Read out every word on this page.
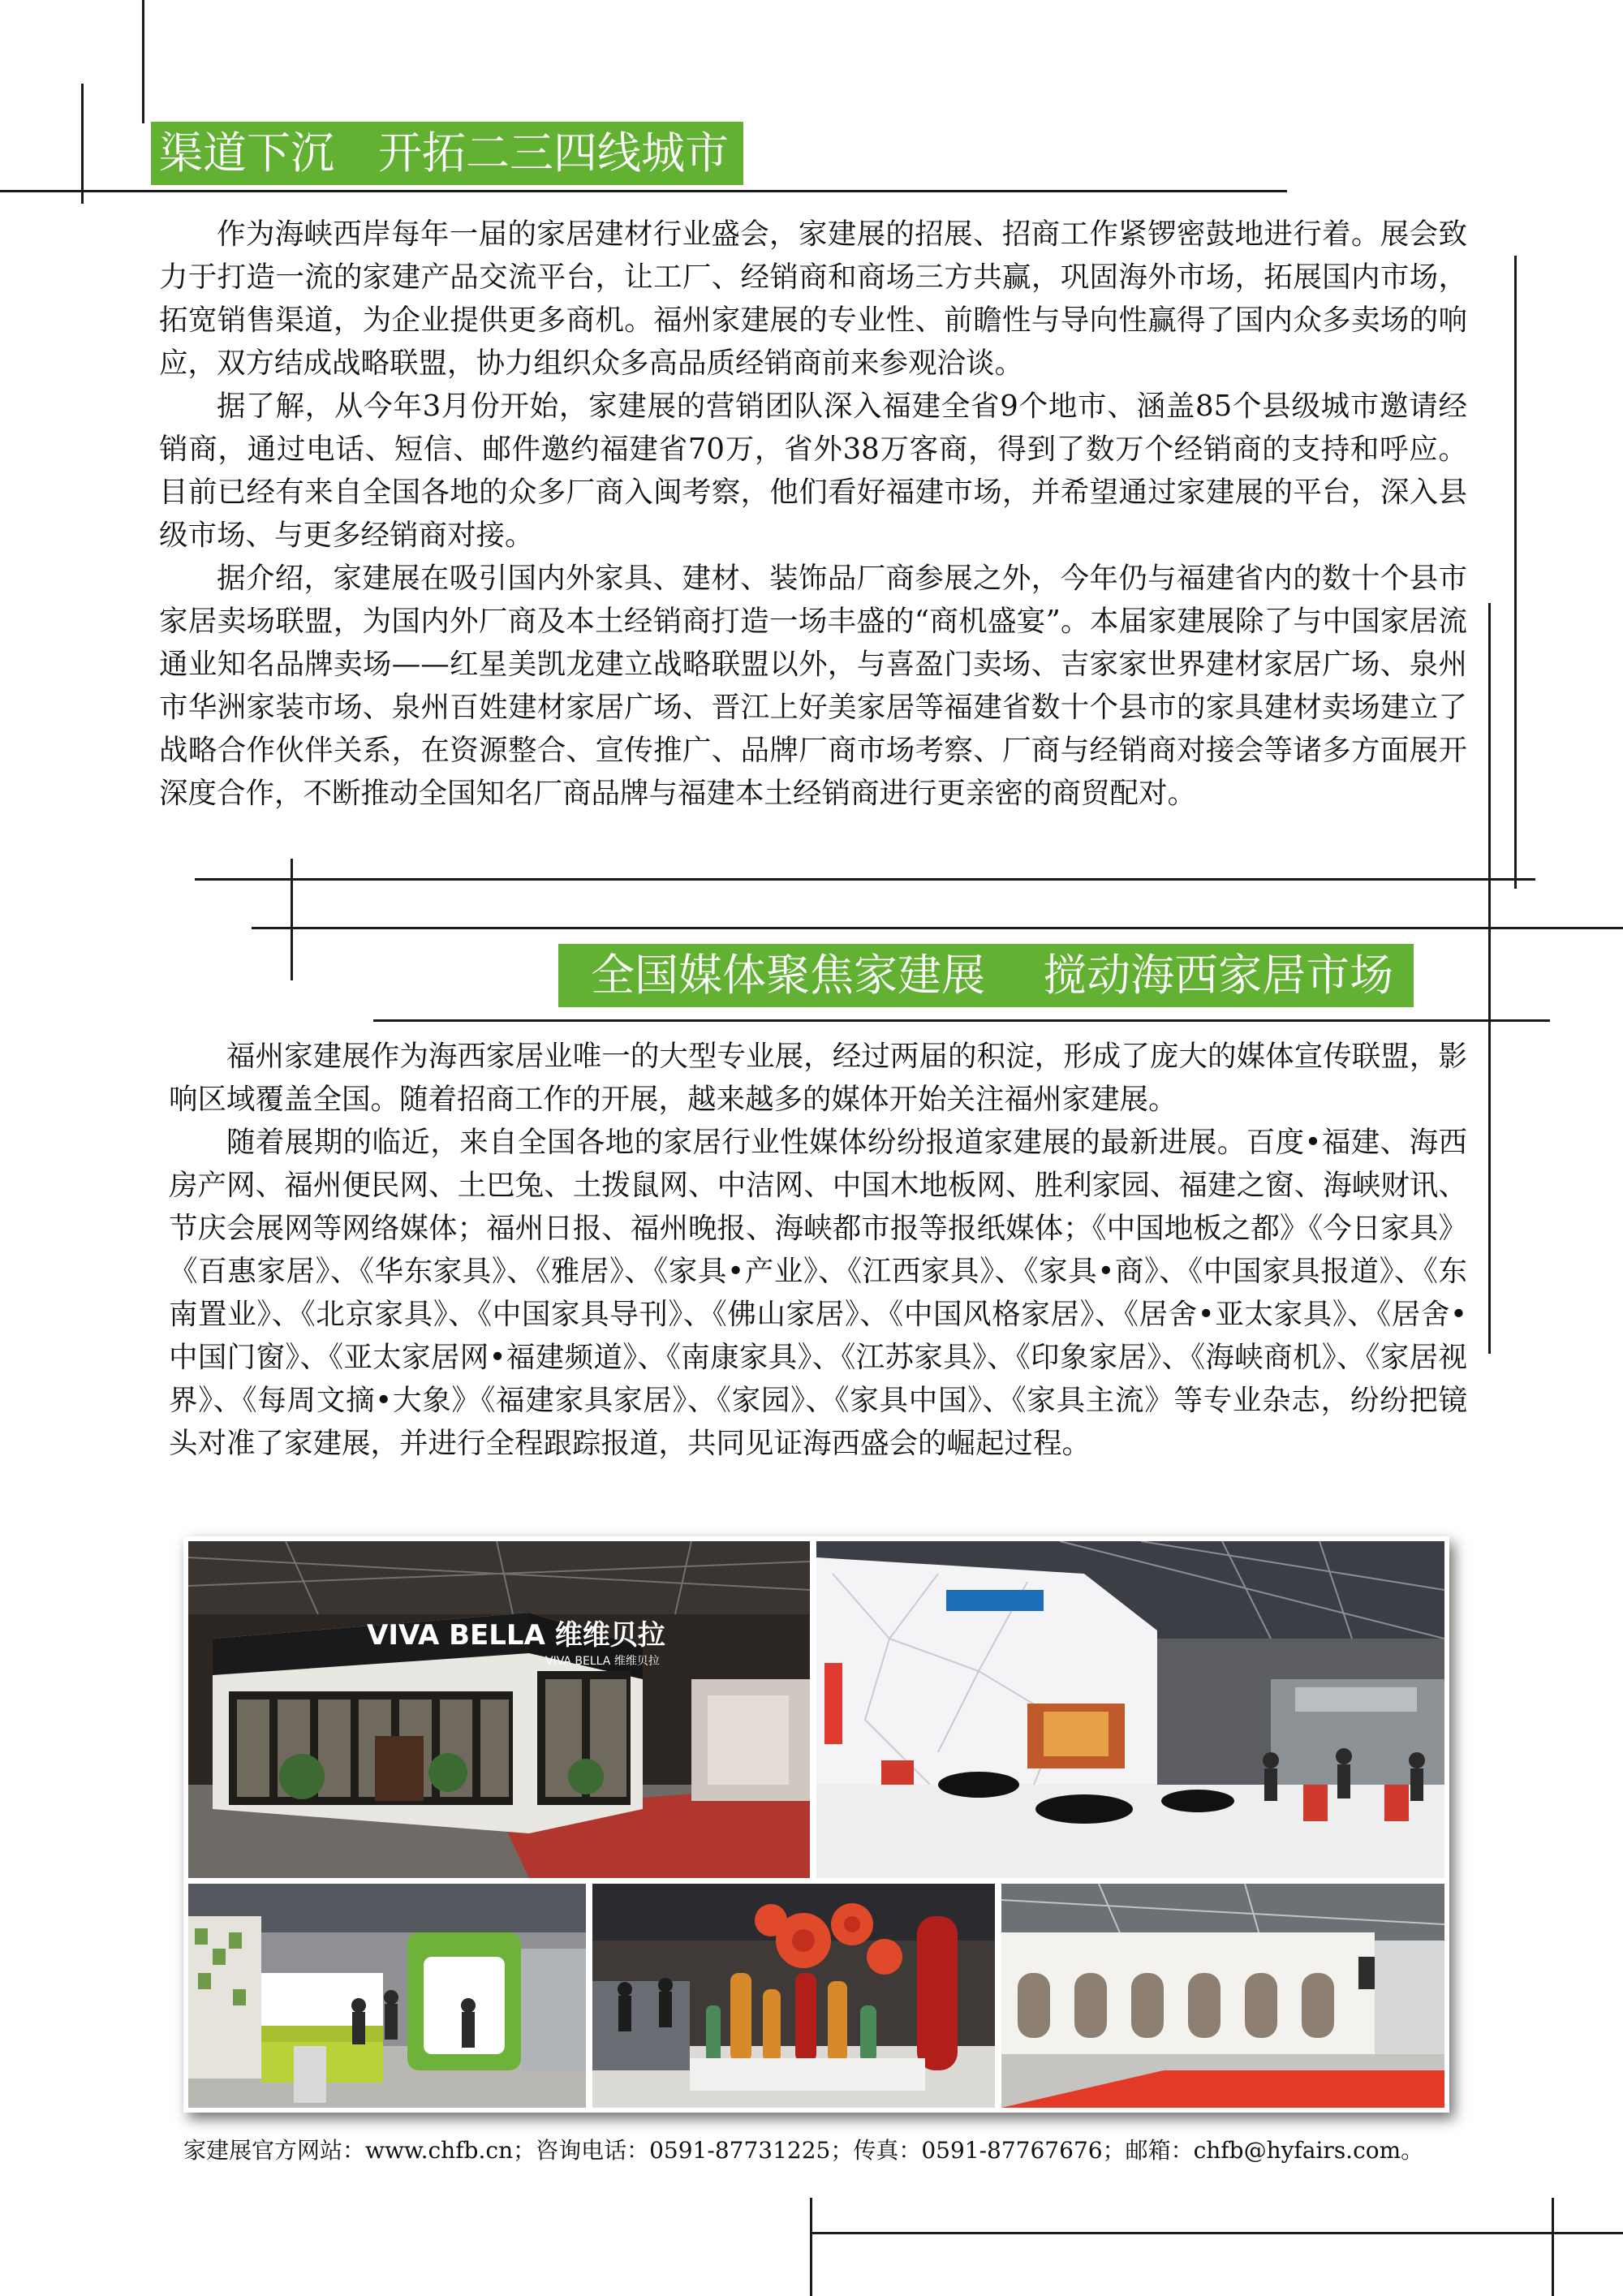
渠道下沉　开拓二三四线城市

作为海峡西岸每年一届的家居建材行业盛会，家建展的招展、招商工作紧锣密鼓地进行着。展会致力于打造一流的家建产品交流平台，让工厂、经销商和商场三方共赢，巩固海外市场，拓展国内市场，拓宽销售渠道，为企业提供更多商机。福州家建展的专业性、前瞻性与导向性赢得了国内众多卖场的响应，双方结成战略联盟，协力组织众多高品质经销商前来参观洽谈。

据了解，从今年3月份开始，家建展的营销团队深入福建全省9个地市、涵盖85个县级城市邀请经销商，通过电话、短信、邮件邀约福建省70万，省外38万客商，得到了数万个经销商的支持和呼应。目前已经有来自全国各地的众多厂商入闽考察，他们看好福建市场，并希望通过家建展的平台，深入县级市场、与更多经销商对接。

据介绍，家建展在吸引国内外家具、建材、装饰品厂商参展之外，今年仍与福建省内的数十个县市家居卖场联盟，为国内外厂商及本土经销商打造一场丰盛的“商机盛宴”。本届家建展除了与中国家居流通业知名品牌卖场——红星美凯龙建立战略联盟以外，与喜盈门卖场、吉家家世界建材家居广场、泉州市华洲家装市场、泉州百姓建材家居广场、晋江上好美家居等福建省数十个县市的家具建材卖场建立了战略合作伙伴关系，在资源整合、宣传推广、品牌厂商市场考察、厂商与经销商对接会等诸多方面展开深度合作，不断推动全国知名厂商品牌与福建本土经销商进行更亲密的商贸配对。

全国媒体聚焦家建展　 搅动海西家居市场

福州家建展作为海西家居业唯一的大型专业展，经过两届的积淀，形成了庞大的媒体宣传联盟，影响区域覆盖全国。随着招商工作的开展，越来越多的媒体开始关注福州家建展。

随着展期的临近，来自全国各地的家居行业性媒体纷纷报道家建展的最新进展。百度•福建、海西房产网、福州便民网、土巴兔、土拨鼠网、中洁网、中国木地板网、胜利家园、福建之窗、海峡财讯、节庆会展网等网络媒体；福州日报、福州晚报、海峡都市报等报纸媒体；《中国地板之都》《今日家具》《百惠家居》、《华东家具》、《雅居》、《家具•产业》、《江西家具》、《家具•商》、《中国家具报道》、《东南置业》、《北京家具》、《中国家具导刊》、《佛山家居》、《中国风格家居》、《居舍•亚太家具》、《居舍•中国门窗》、《亚太家居网•福建频道》、《南康家具》、《江苏家具》、《印象家居》、《海峡商机》、《家居视界》、《每周文摘•大象》《福建家具家居》、《家园》、《家具中国》、《家具主流》等专业杂志，纷纷把镜头对准了家建展，并进行全程跟踪报道，共同见证海西盛会的崛起过程。

VIVA BELLA 维维贝拉
VIVA BELLA 维维贝拉
家建展官方网站：www.chfb.cn；咨询电话：0591-87731225；传真：0591-87767676；邮箱：chfb@hyfairs.com。
